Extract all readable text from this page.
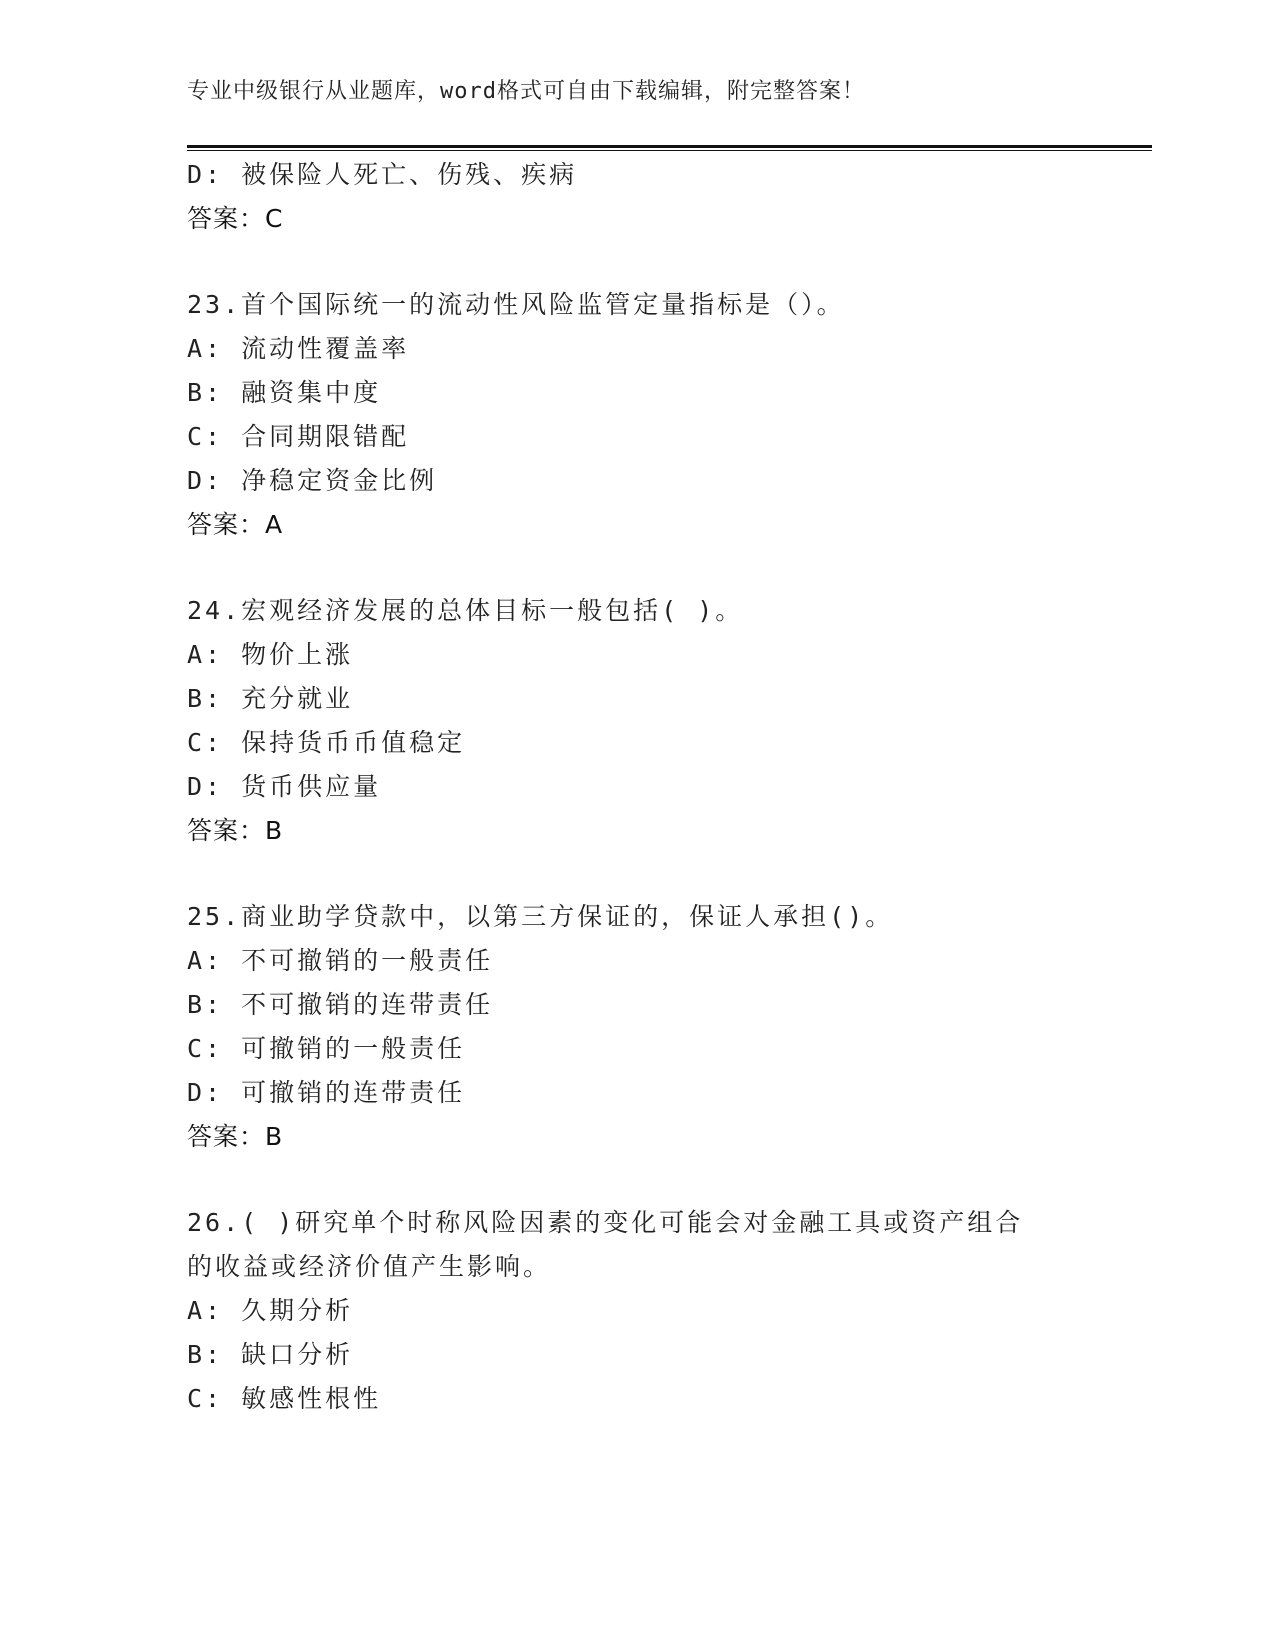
专业中级银行从业题库，word格式可自由下载编辑，附完整答案！
D: 被保险人死亡、伤残、疾病
答案：C
23.首个国际统一的流动性风险监管定量指标是（）。
A: 流动性覆盖率
B: 融资集中度
C: 合同期限错配
D: 净稳定资金比例
答案：A
24.宏观经济发展的总体目标一般包括( )。
A: 物价上涨
B: 充分就业
C: 保持货币币值稳定
D: 货币供应量
答案：B
25.商业助学贷款中，以第三方保证的，保证人承担()。
A: 不可撤销的一般责任
B: 不可撤销的连带责任
C: 可撤销的一般责任
D: 可撤销的连带责任
答案：B
26.( )研究单个时称风险因素的变化可能会对金融工具或资产组合
的收益或经济价值产生影响。
A: 久期分析
B: 缺口分析
C: 敏感性根性
